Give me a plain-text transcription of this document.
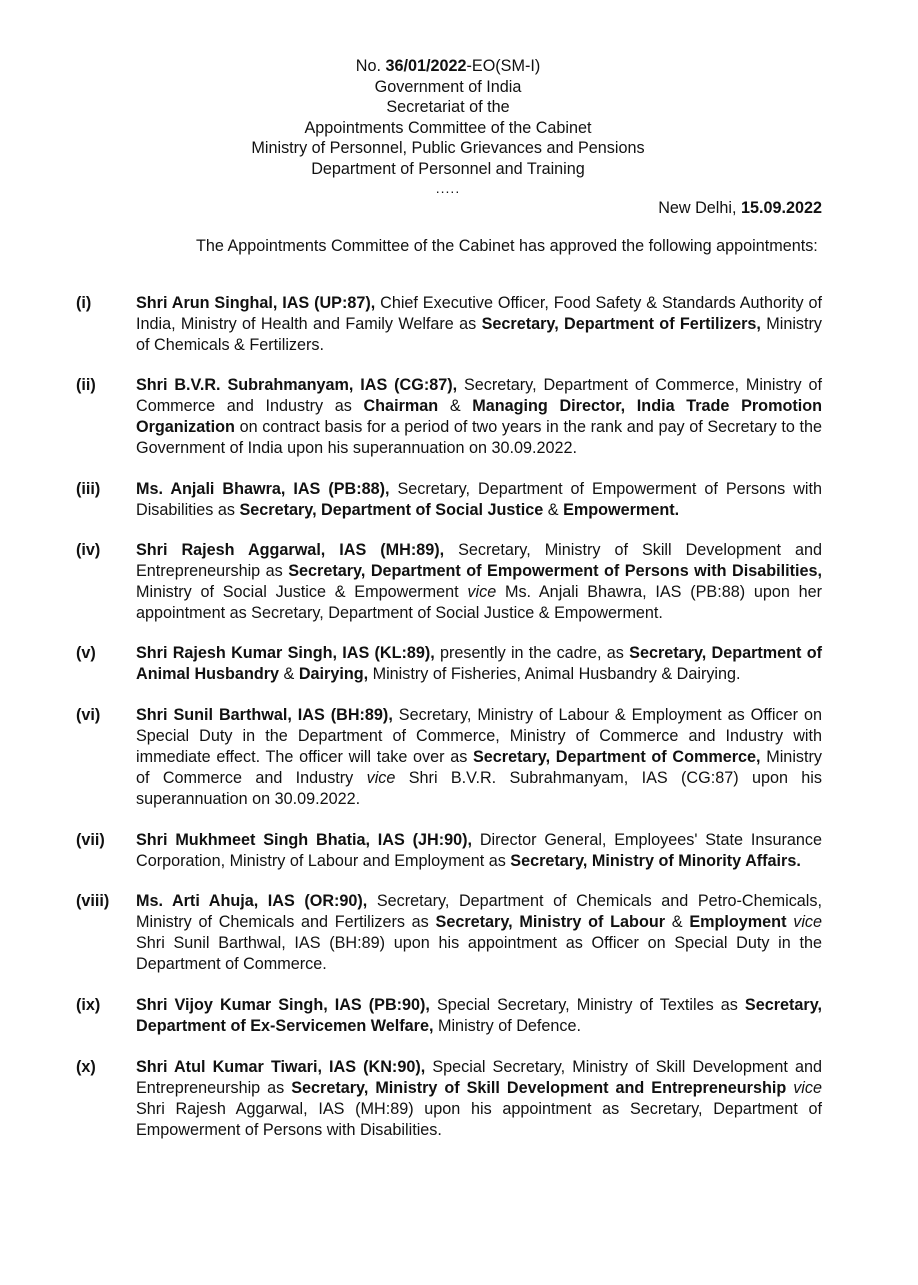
No. 36/01/2022-EO(SM-I)
Government of India
Secretariat of the
Appointments Committee of the Cabinet
Ministry of Personnel, Public Grievances and Pensions
Department of Personnel and Training
.....
New Delhi, 15.09.2022
The Appointments Committee of the Cabinet has approved the following appointments:
(i)	Shri Arun Singhal, IAS (UP:87), Chief Executive Officer, Food Safety & Standards Authority of India, Ministry of Health and Family Welfare as Secretary, Department of Fertilizers, Ministry of Chemicals & Fertilizers.
(ii)	Shri B.V.R. Subrahmanyam, IAS (CG:87), Secretary, Department of Commerce, Ministry of Commerce and Industry as Chairman & Managing Director, India Trade Promotion Organization on contract basis for a period of two years in the rank and pay of Secretary to the Government of India upon his superannuation on 30.09.2022.
(iii)	Ms. Anjali Bhawra, IAS (PB:88), Secretary, Department of Empowerment of Persons with Disabilities as Secretary, Department of Social Justice & Empowerment.
(iv)	Shri Rajesh Aggarwal, IAS (MH:89), Secretary, Ministry of Skill Development and Entrepreneurship as Secretary, Department of Empowerment of Persons with Disabilities, Ministry of Social Justice & Empowerment vice Ms. Anjali Bhawra, IAS (PB:88) upon her appointment as Secretary, Department of Social Justice & Empowerment.
(v)	Shri Rajesh Kumar Singh, IAS (KL:89), presently in the cadre, as Secretary, Department of Animal Husbandry & Dairying, Ministry of Fisheries, Animal Husbandry & Dairying.
(vi)	Shri Sunil Barthwal, IAS (BH:89), Secretary, Ministry of Labour & Employment as Officer on Special Duty in the Department of Commerce, Ministry of Commerce and Industry with immediate effect. The officer will take over as Secretary, Department of Commerce, Ministry of Commerce and Industry vice Shri B.V.R. Subrahmanyam, IAS (CG:87) upon his superannuation on 30.09.2022.
(vii)	Shri Mukhmeet Singh Bhatia, IAS (JH:90), Director General, Employees' State Insurance Corporation, Ministry of Labour and Employment as Secretary, Ministry of Minority Affairs.
(viii)	Ms. Arti Ahuja, IAS (OR:90), Secretary, Department of Chemicals and Petro-Chemicals, Ministry of Chemicals and Fertilizers as Secretary, Ministry of Labour & Employment vice Shri Sunil Barthwal, IAS (BH:89) upon his appointment as Officer on Special Duty in the Department of Commerce.
(ix)	Shri Vijoy Kumar Singh, IAS (PB:90), Special Secretary, Ministry of Textiles as Secretary, Department of Ex-Servicemen Welfare, Ministry of Defence.
(x)	Shri Atul Kumar Tiwari, IAS (KN:90), Special Secretary, Ministry of Skill Development and Entrepreneurship as Secretary, Ministry of Skill Development and Entrepreneurship vice Shri Rajesh Aggarwal, IAS (MH:89) upon his appointment as Secretary, Department of Empowerment of Persons with Disabilities.
